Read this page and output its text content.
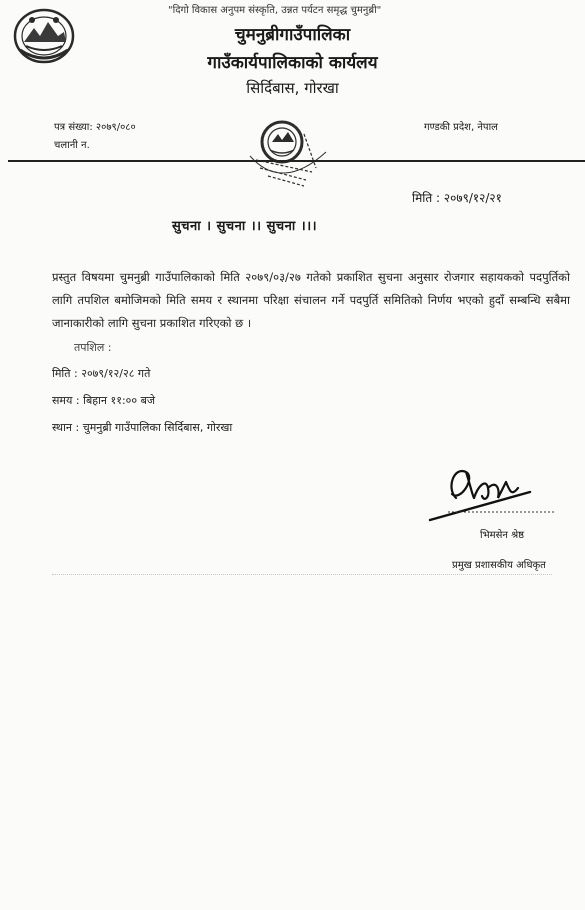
"दिगो विकास अनुपम संस्कृति, उन्नत पर्यटन समृद्ध चुमनुब्री"
चुमनुब्रीगाउँपालिका
गाउँकार्यपालिकाको कार्यलय
सिर्दिबास, गोरखा
पत्र संख्या: २०७९/०८०
चलानी न.
गण्डकी प्रदेश, नेपाल
मिति : २०७९/१२/२१
सुचना । सुचना ।। सुचना ।।।
प्रस्तुत विषयमा चुमनुब्री गाउँपालिकाको मिति २०७९/०३/२७ गतेको प्रकाशित सुचना अनुसार रोजगार सहायकको पदपुर्तिको लागि तपशिल बमोजिमको मिति समय र स्थानमा परिक्षा संचालन गर्ने पदपुर्ति समितिको निर्णय भएको हुदाँ सम्बन्धि सबैमा जानाकारीको लागि सुचना प्रकाशित गरिएको छ ।
तपशिल :
मिति : २०७९/१२/२८ गते
समय : बिहान ११:०० बजे
स्थान : चुमनुब्री गाउँपालिका सिर्दिबास, गोरखा
भिमसेन श्रेष्ठ
प्रमुख प्रशासकीय अधिकृत
